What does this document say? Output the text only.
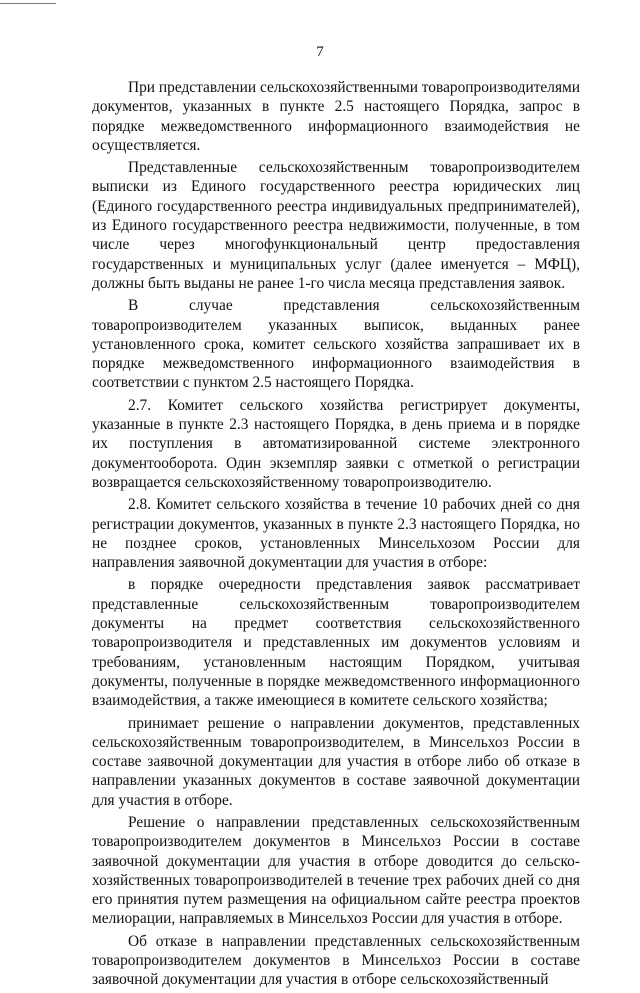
7

При представлении сельскохозяйственными товаропроизводителями документов, указанных в пункте 2.5 настоящего Порядка, запрос в порядке межведомственного информационного взаимодействия не осуществляется.

Представленные сельскохозяйственным товаропроизводителем выписки из Единого государственного реестра юридических лиц (Единого государственного реестра индивидуальных предпринимателей), из Единого государственного реестра недвижимости, полученные, в том числе через многофункциональный центр предоставления государственных и муниципальных услуг (далее именуется – МФЦ), должны быть выданы не ранее 1-го числа месяца представления заявок.

В случае представления сельскохозяйственным товаропроизводителем указанных выписок, выданных ранее установленного срока, комитет сельского хозяйства запрашивает их в порядке межведомственного информационного взаимодействия в соответствии с пунктом 2.5 настоящего Порядка.

2.7. Комитет сельского хозяйства регистрирует документы, указанные в пункте 2.3 настоящего Порядка, в день приема и в порядке их поступления в автоматизированной системе электронного документооборота. Один экземпляр заявки с отметкой о регистрации возвращается сельскохозяйственному товаропроизводителю.

2.8. Комитет сельского хозяйства в течение 10 рабочих дней со дня регистрации документов, указанных в пункте 2.3 настоящего Порядка, но не позднее сроков, установленных Минсельхозом России для направления заявочной документации для участия в отборе:

в порядке очередности представления заявок рассматривает представленные сельскохозяйственным товаропроизводителем документы на предмет соответствия сельскохозяйственного товаропроизводителя и представленных им документов условиям и требованиям, установленным настоящим Порядком, учитывая документы, полученные в порядке межведомственного информационного взаимодействия, а также имеющиеся в комитете сельского хозяйства;

принимает решение о направлении документов, представленных сельскохозяйственным товаропроизводителем, в Минсельхоз России в составе заявочной документации для участия в отборе либо об отказе в направлении указанных документов в составе заявочной документации для участия в отборе.

Решение о направлении представленных сельскохозяйственным товаропроизводителем документов в Минсельхоз России в составе заявочной документации для участия в отборе доводится до сельско-хозяйственных товаропроизводителей в течение трех рабочих дней со дня его принятия путем размещения на официальном сайте реестра проектов мелиорации, направляемых в Минсельхоз России для участия в отборе.

Об отказе в направлении представленных сельскохозяйственным товаропроизводителем документов в Минсельхоз России в составе заявочной документации для участия в отборе сельскохозяйственный
